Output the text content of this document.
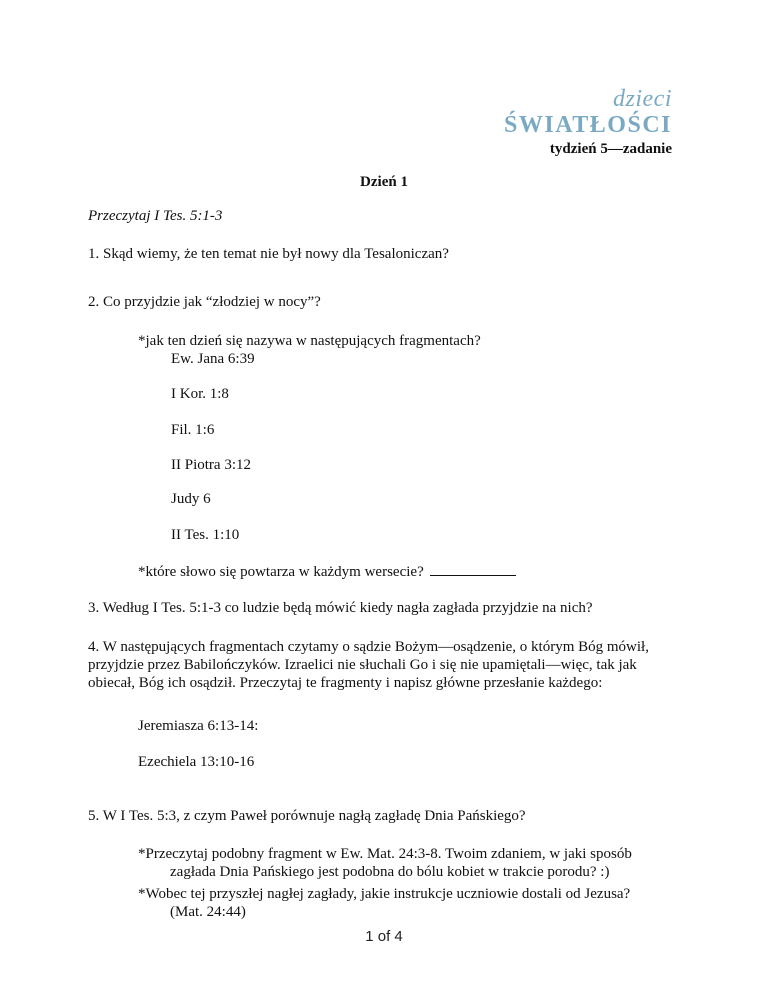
dzieci
ŚWIATŁOŚCI
tydzień 5—zadanie
Dzień 1
Przeczytaj I Tes. 5:1-3
1. Skąd wiemy, że ten temat nie był nowy dla Tesaloniczan?
2. Co przyjdzie jak “złodziej w nocy”?
*jak ten dzień się nazywa w następujących fragmentach?
Ew. Jana 6:39
I Kor. 1:8
Fil. 1:6
II Piotra 3:12
Judy 6
II Tes. 1:10
*które słowo się powtarza w każdym wersecie?
3. Według I Tes. 5:1-3 co ludzie będą mówić kiedy nagła zagłada przyjdzie na nich?
4. W następujących fragmentach czytamy o sądzie Bożym—osądzenie, o którym Bóg mówił, przyjdzie przez Babilończyków. Izraelici nie słuchali Go i się nie upamiętali—więc, tak jak obiecał, Bóg ich osądził. Przeczytaj te fragmenty i napisz główne przesłanie każdego:
Jeremiasza 6:13-14:
Ezechiela 13:10-16
5. W I Tes. 5:3, z czym Paweł porównuje nagłą zagładę Dnia Pańskiego?
*Przeczytaj podobny fragment w Ew. Mat. 24:3-8. Twoim zdaniem, w jaki sposób
zagłada Dnia Pańskiego jest podobna do bólu kobiet w trakcie porodu? :)
*Wobec tej przyszłej nagłej zagłady, jakie instrukcje uczniowie dostali od Jezusa?
(Mat. 24:44)
1 of 4
